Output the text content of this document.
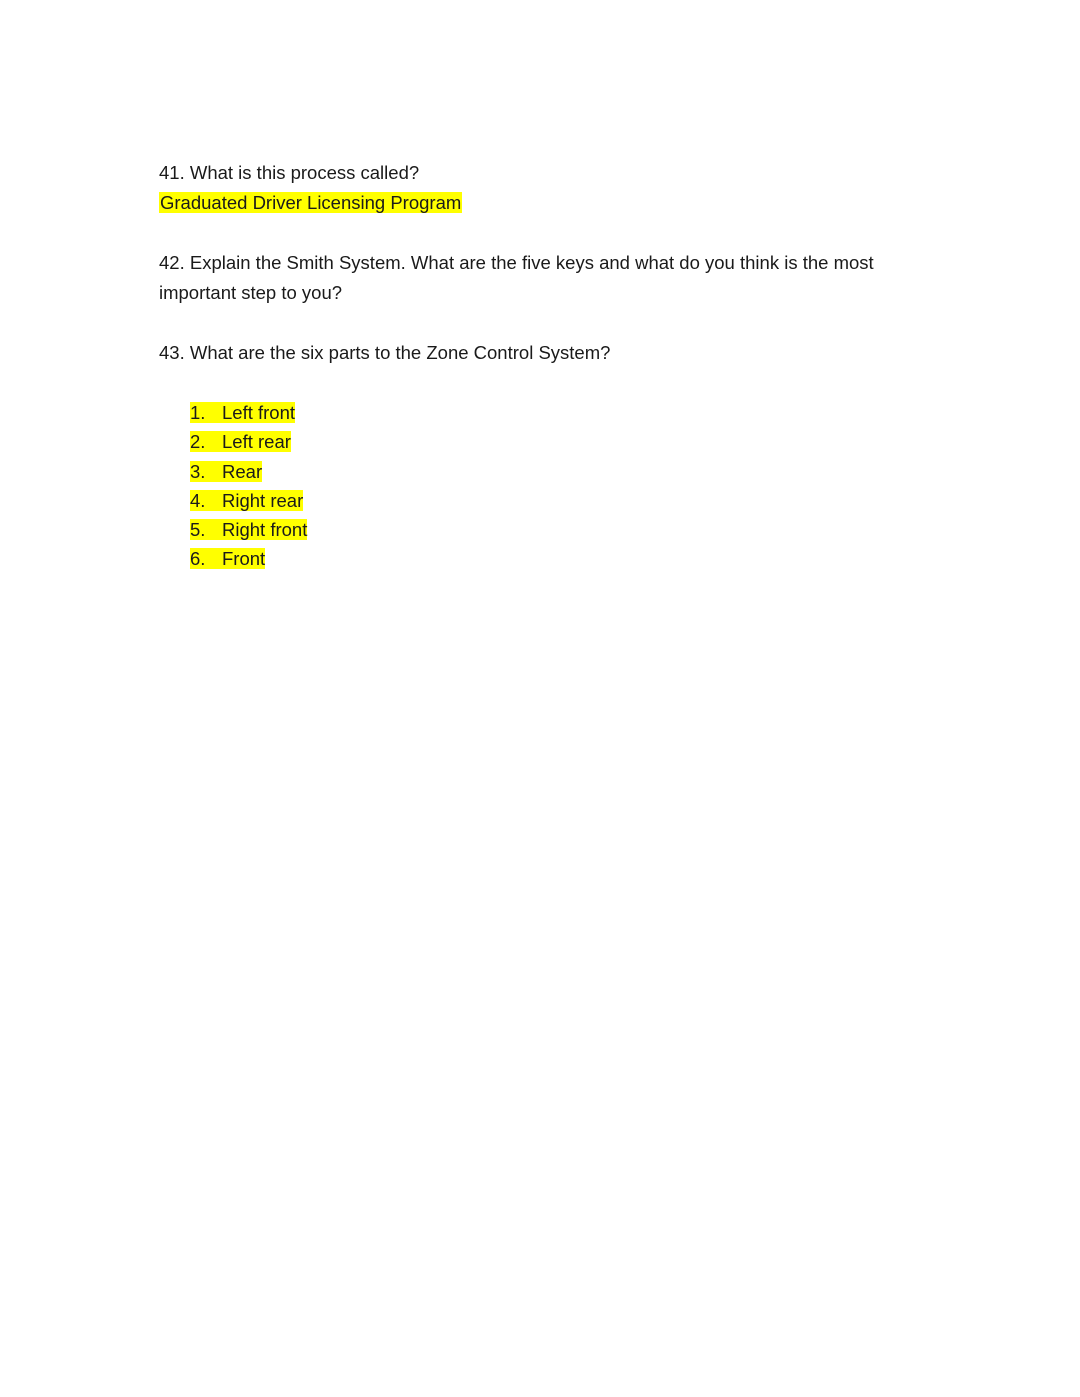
41. What is this process called?

Graduated Driver Licensing Program

42. Explain the Smith System. What are the five keys and what do you think is the most

important step to you?

43. What are the six parts to the Zone Control System?

1. Left front
2. Left rear
3. Rear
4. Right rear
5. Right front
6. Front
